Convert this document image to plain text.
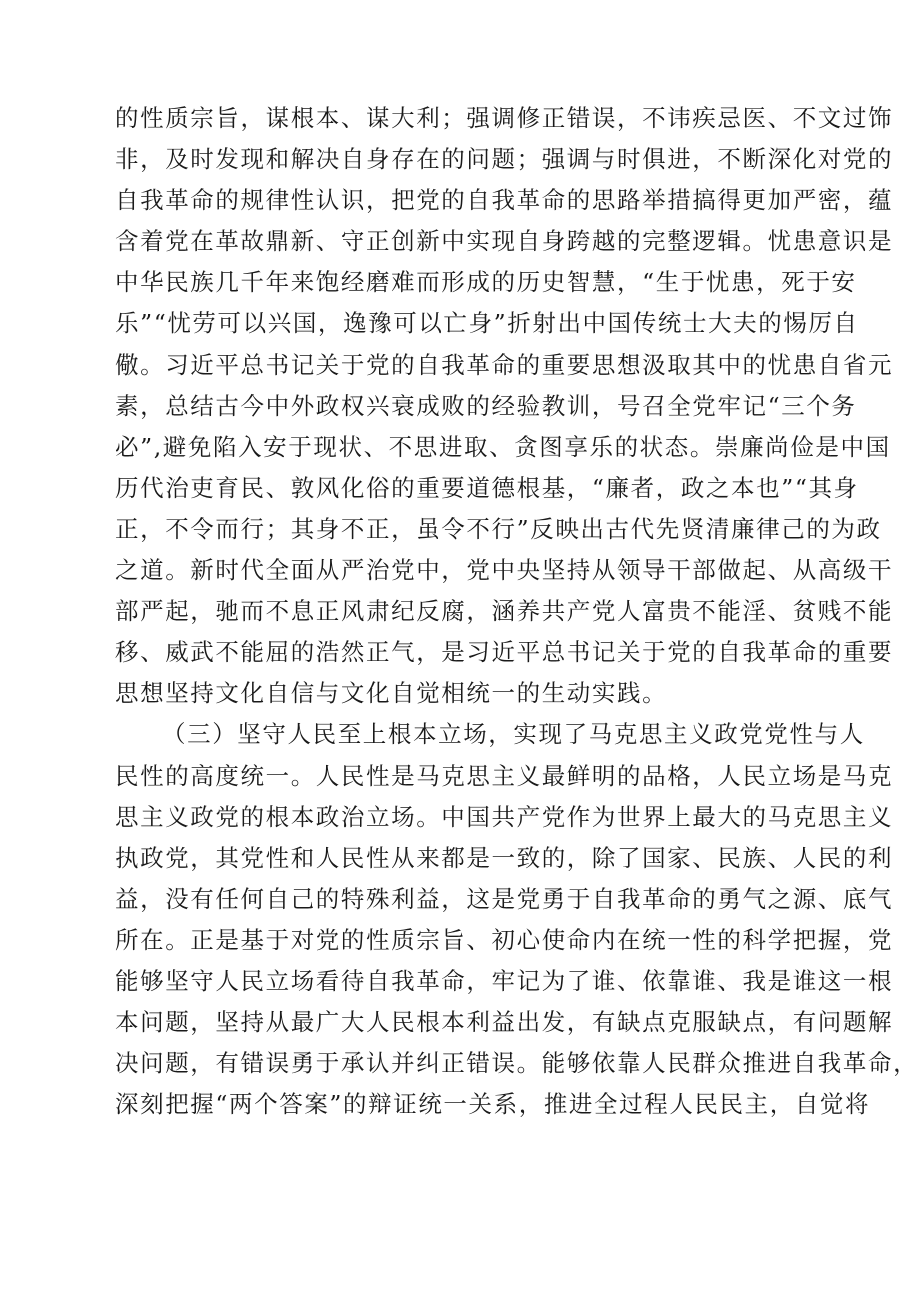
的性质宗旨，谋根本、谋大利；强调修正错误，不讳疾忌医、不文过饰
非，及时发现和解决自身存在的问题；强调与时俱进，不断深化对党的
自我革命的规律性认识，把党的自我革命的思路举措搞得更加严密，蕴
含着党在革故鼎新、守正创新中实现自身跨越的完整逻辑。忧患意识是
中华民族几千年来饱经磨难而形成的历史智慧，“生于忧患，死于安
乐”“忧劳可以兴国，逸豫可以亡身”折射出中国传统士大夫的惕厉自
儆。习近平总书记关于党的自我革命的重要思想汲取其中的忧患自省元
素，总结古今中外政权兴衰成败的经验教训，号召全党牢记“三个务
必”,避免陷入安于现状、不思进取、贪图享乐的状态。崇廉尚俭是中国
历代治吏育民、敦风化俗的重要道德根基，“廉者，政之本也”“其身
正，不令而行；其身不正，虽令不行”反映出古代先贤清廉律己的为政
之道。新时代全面从严治党中，党中央坚持从领导干部做起、从高级干
部严起，驰而不息正风肃纪反腐，涵养共产党人富贵不能淫、贫贱不能
移、威武不能屈的浩然正气，是习近平总书记关于党的自我革命的重要
思想坚持文化自信与文化自觉相统一的生动实践。
（三）坚守人民至上根本立场，实现了马克思主义政党党性与人
民性的高度统一。人民性是马克思主义最鲜明的品格，人民立场是马克
思主义政党的根本政治立场。中国共产党作为世界上最大的马克思主义
执政党，其党性和人民性从来都是一致的，除了国家、民族、人民的利
益，没有任何自己的特殊利益，这是党勇于自我革命的勇气之源、底气
所在。正是基于对党的性质宗旨、初心使命内在统一性的科学把握，党
能够坚守人民立场看待自我革命，牢记为了谁、依靠谁、我是谁这一根
本问题，坚持从最广大人民根本利益出发，有缺点克服缺点，有问题解
决问题，有错误勇于承认并纠正错误。能够依靠人民群众推进自我革命，
深刻把握“两个答案”的辩证统一关系，推进全过程人民民主，自觉将
